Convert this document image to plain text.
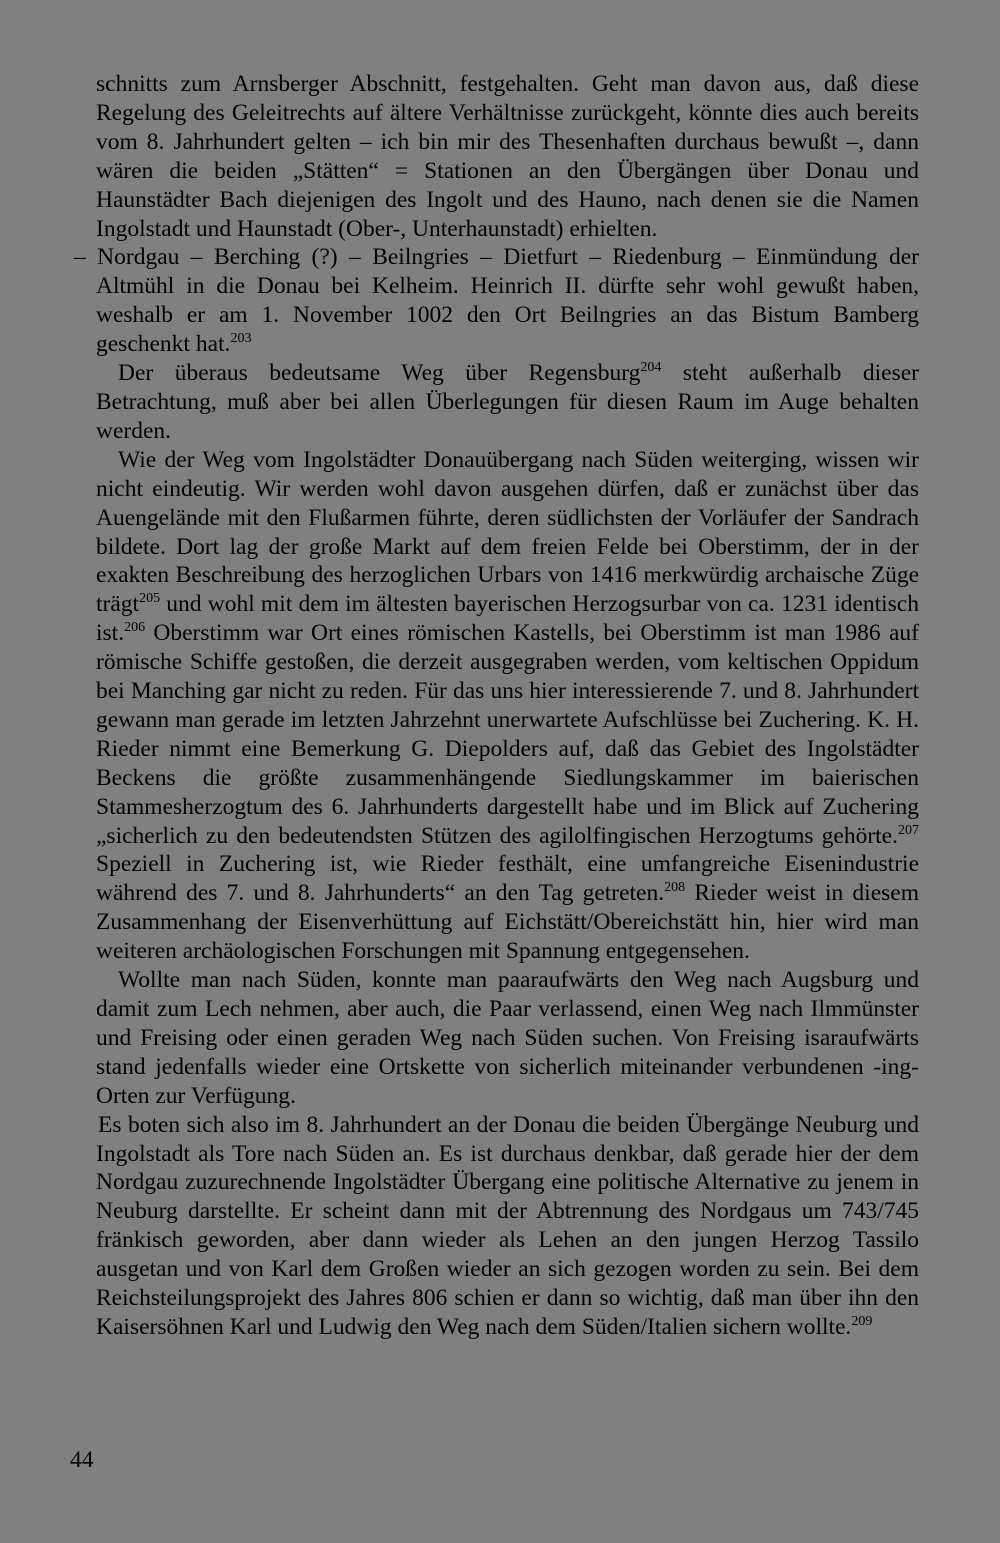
schnitts zum Arnsberger Abschnitt, festgehalten. Geht man davon aus, daß diese Regelung des Geleitrechts auf ältere Verhältnisse zurückgeht, könnte dies auch bereits vom 8. Jahrhundert gelten – ich bin mir des Thesenhaften durchaus bewußt –, dann wären die beiden „Stätten“ = Stationen an den Übergängen über Donau und Haunstädter Bach diejenigen des Ingolt und des Hauno, nach denen sie die Namen Ingolstadt und Haunstadt (Ober-, Unterhaunstadt) erhielten.

– Nordgau – Berching (?) – Beilngries – Dietfurt – Riedenburg – Einmündung der Altmühl in die Donau bei Kelheim. Heinrich II. dürfte sehr wohl gewußt haben, weshalb er am 1. November 1002 den Ort Beilngries an das Bistum Bamberg geschenkt hat.$^{203}$

Der überaus bedeutsame Weg über Regensburg$^{204}$ steht außerhalb dieser Betrachtung, muß aber bei allen Überlegungen für diesen Raum im Auge behalten werden.

Wie der Weg vom Ingolstädter Donauübergang nach Süden weiterging, wissen wir nicht eindeutig. Wir werden wohl davon ausgehen dürfen, daß er zunächst über das Auengelände mit den Flußarmen führte, deren südlichsten der Vorläufer der Sandrach bildete. Dort lag der große Markt auf dem freien Felde bei Oberstimm, der in der exakten Beschreibung des herzoglichen Urbars von 1416 merkwürdig archaische Züge trägt$^{205}$ und wohl mit dem im ältesten bayerischen Herzogsurbar von ca. 1231 identisch ist.$^{206}$ Oberstimm war Ort eines römischen Kastells, bei Oberstimm ist man 1986 auf römische Schiffe gestoßen, die derzeit ausgegraben werden, vom keltischen Oppidum bei Manching gar nicht zu reden. Für das uns hier interessierende 7. und 8. Jahrhundert gewann man gerade im letzten Jahrzehnt unerwartete Aufschlüsse bei Zuchering. K. H. Rieder nimmt eine Bemerkung G. Diepolders auf, daß das Gebiet des Ingolstädter Beckens die größte zusammenhängende Siedlungskammer im baierischen Stammesherzogtum des 6. Jahrhunderts dargestellt habe und im Blick auf Zuchering „sicherlich zu den bedeutendsten Stützen des agilolfingischen Herzogtums gehörte.$^{207}$ Speziell in Zuchering ist, wie Rieder festhält, eine umfangreiche Eisenindustrie während des 7. und 8. Jahrhunderts“ an den Tag getreten.$^{208}$ Rieder weist in diesem Zusammenhang der Eisenverhüttung auf Eichstätt/Obereichstätt hin, hier wird man weiteren archäologischen Forschungen mit Spannung entgegensehen.

Wollte man nach Süden, konnte man paaraufwärts den Weg nach Augsburg und damit zum Lech nehmen, aber auch, die Paar verlassend, einen Weg nach Ilmmünster und Freising oder einen geraden Weg nach Süden suchen. Von Freising isaraufwärts stand jedenfalls wieder eine Ortskette von sicherlich miteinander verbundenen -ing-Orten zur Verfügung.

Es boten sich also im 8. Jahrhundert an der Donau die beiden Übergänge Neuburg und Ingolstadt als Tore nach Süden an. Es ist durchaus denkbar, daß gerade hier der dem Nordgau zuzurechnende Ingolstädter Übergang eine politische Alternative zu jenem in Neuburg darstellte. Er scheint dann mit der Abtrennung des Nordgaus um 743/745 fränkisch geworden, aber dann wieder als Lehen an den jungen Herzog Tassilo ausgetan und von Karl dem Großen wieder an sich gezogen worden zu sein. Bei dem Reichsteilungsprojekt des Jahres 806 schien er dann so wichtig, daß man über ihn den Kaisersöhnen Karl und Ludwig den Weg nach dem Süden/Italien sichern wollte.$^{209}$

44
